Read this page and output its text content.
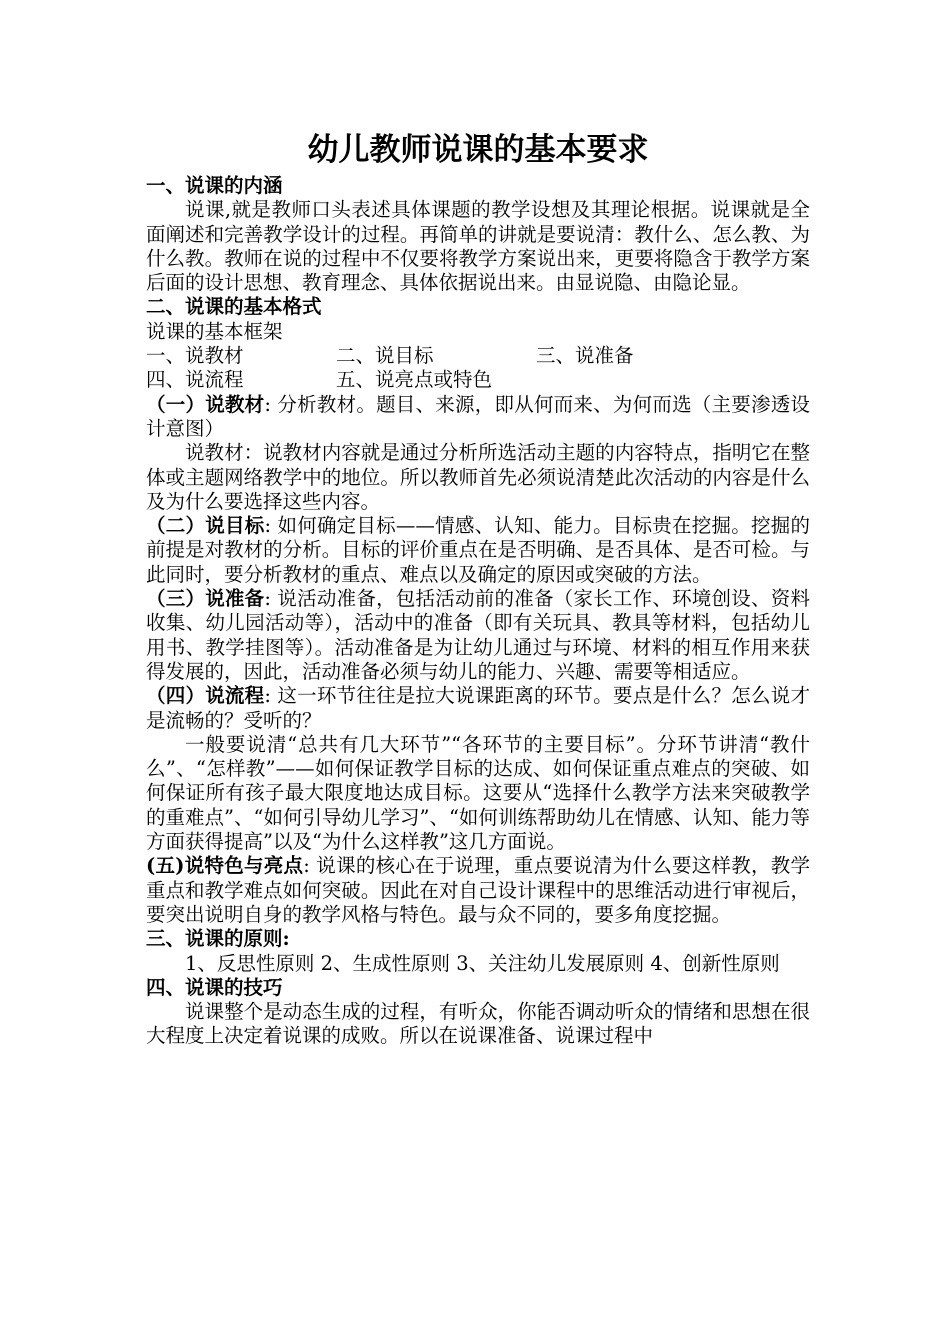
幼儿教师说课的基本要求
一、说课的内涵

说课,就是教师口头表述具体课题的教学设想及其理论根据。说课就是全面阐述和完善教学设计的过程。再简单的讲就是要说清：教什么、怎么教、为什么教。教师在说的过程中不仅要将教学方案说出来，更要将隐含于教学方案后面的设计思想、教育理念、具体依据说出来。由显说隐、由隐论显。

二、说课的基本格式
说课的基本框架
一、说教材	二、说目标	三、说准备
四、说流程	五、说亮点或特色

（一）说教材: 分析教材。题目、来源，即从何而来、为何而选（主要渗透设计意图）

说教材：说教材内容就是通过分析所选活动主题的内容特点，指明它在整体或主题网络教学中的地位。所以教师首先必须说清楚此次活动的内容是什么及为什么要选择这些内容。

（二）说目标: 如何确定目标——情感、认知、能力。目标贵在挖掘。挖掘的前提是对教材的分析。目标的评价重点在是否明确、是否具体、是否可检。与此同时，要分析教材的重点、难点以及确定的原因或突破的方法。

（三）说准备: 说活动准备，包括活动前的准备（家长工作、环境创设、资料收集、幼儿园活动等），活动中的准备（即有关玩具、教具等材料，包括幼儿用书、教学挂图等）。活动准备是为让幼儿通过与环境、材料的相互作用来获得发展的，因此，活动准备必须与幼儿的能力、兴趣、需要等相适应。

（四）说流程: 这一环节往往是拉大说课距离的环节。要点是什么？怎么说才是流畅的？受听的？

一般要说清“总共有几大环节”“各环节的主要目标”。分环节讲清“教什么”、“怎样教”——如何保证教学目标的达成、如何保证重点难点的突破、如何保证所有孩子最大限度地达成目标。这要从“选择什么教学方法来突破教学的重难点”、“如何引导幼儿学习”、“如何训练帮助幼儿在情感、认知、能力等方面获得提高”以及“为什么这样教”这几方面说。

(五)说特色与亮点: 说课的核心在于说理，重点要说清为什么要这样教，教学重点和教学难点如何突破。因此在对自己设计课程中的思维活动进行审视后，要突出说明自身的教学风格与特色。最与众不同的，要多角度挖掘。

三、说课的原则:

1、反思性原则 2、生成性原则 3、关注幼儿发展原则 4、创新性原则

四、说课的技巧

说课整个是动态生成的过程，有听众，你能否调动听众的情绪和思想在很大程度上决定着说课的成败。所以在说课准备、说课过程中
